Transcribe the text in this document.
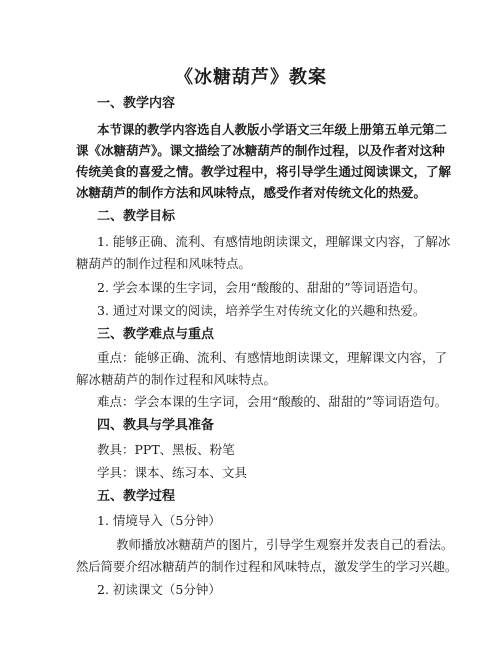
《冰糖葫芦》教案
一、教学内容
本节课的教学内容选自人教版小学语文三年级上册第五单元第二
课《冰糖葫芦》。课文描绘了冰糖葫芦的制作过程，以及作者对这种
传统美食的喜爱之情。教学过程中，将引导学生通过阅读课文，了解
冰糖葫芦的制作方法和风味特点，感受作者对传统文化的热爱。
二、教学目标
1. 能够正确、流利、有感情地朗读课文，理解课文内容，了解冰
糖葫芦的制作过程和风味特点。
2. 学会本课的生字词，会用“酸酸的、甜甜的”等词语造句。
3. 通过对课文的阅读，培养学生对传统文化的兴趣和热爱。
三、教学难点与重点
重点：能够正确、流利、有感情地朗读课文，理解课文内容，了
解冰糖葫芦的制作过程和风味特点。
难点：学会本课的生字词，会用“酸酸的、甜甜的”等词语造句。
四、教具与学具准备
教具：PPT、黑板、粉笔
学具：课本、练习本、文具
五、教学过程
1. 情境导入（5分钟）
教师播放冰糖葫芦的图片，引导学生观察并发表自己的看法。
然后简要介绍冰糖葫芦的制作过程和风味特点，激发学生的学习兴趣。
2. 初读课文（5分钟）
